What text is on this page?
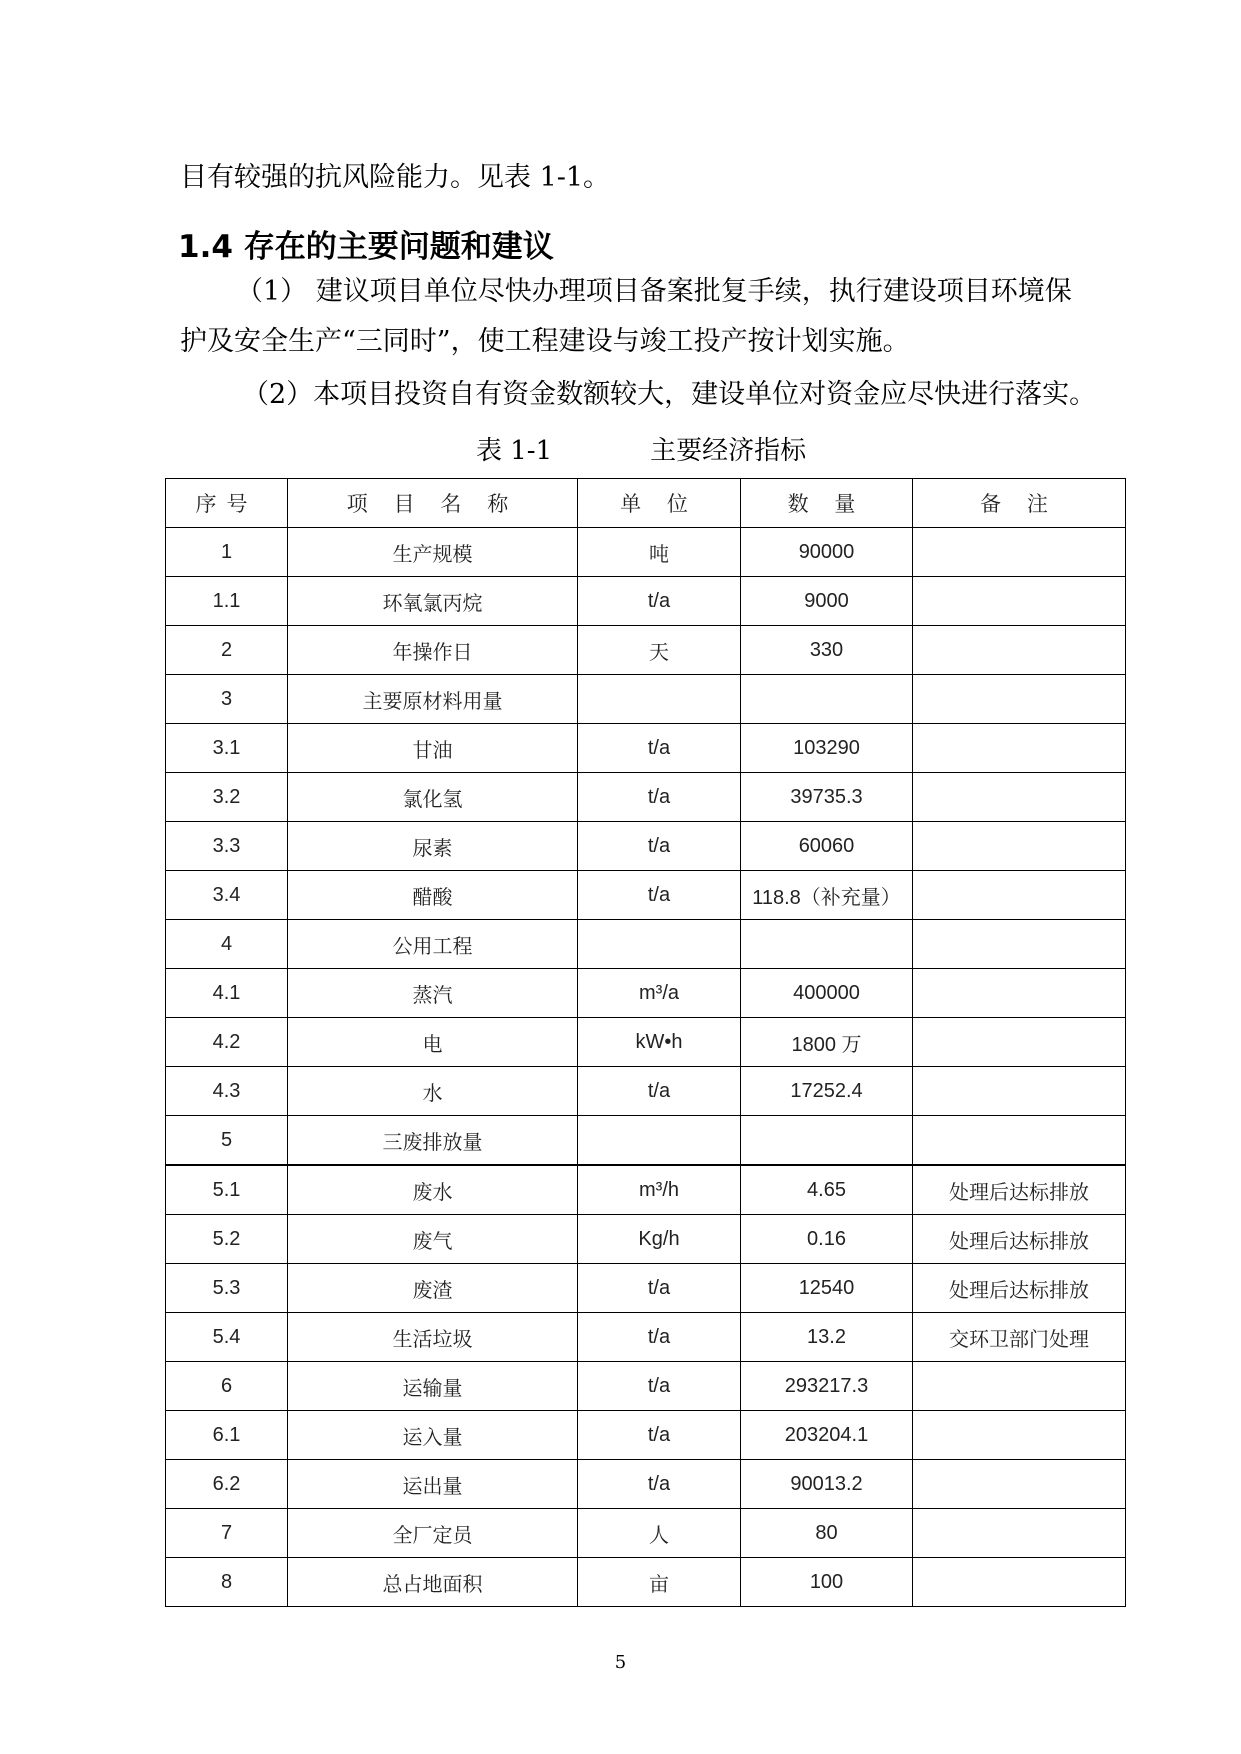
目有较强的抗风险能力。见表 1-1。
1.4 存在的主要问题和建议
（1） 建议项目单位尽快办理项目备案批复手续，执行建设项目环境保
护及安全生产“三同时”，使工程建设与竣工投产按计划实施。
（2）本项目投资自有资金数额较大，建设单位对资金应尽快进行落实。
表 1-1	主要经济指标
序号	项 目 名 称	单 位	数 量	备 注
1	生产规模	吨	90000	
1.1	环氧氯丙烷	t/a	9000	
2	年操作日	天	330	
3	主要原材料用量			
3.1	甘油	t/a	103290	
3.2	氯化氢	t/a	39735.3	
3.3	尿素	t/a	60060	
3.4	醋酸	t/a	118.8（补充量）	
4	公用工程			
4.1	蒸汽	m³/a	400000	
4.2	电	kW•h	1800 万	
4.3	水	t/a	17252.4	
5	三废排放量			
5.1	废水	m³/h	4.65	处理后达标排放
5.2	废气	Kg/h	0.16	处理后达标排放
5.3	废渣	t/a	12540	处理后达标排放
5.4	生活垃圾	t/a	13.2	交环卫部门处理
6	运输量	t/a	293217.3	
6.1	运入量	t/a	203204.1	
6.2	运出量	t/a	90013.2	
7	全厂定员	人	80	
8	总占地面积	亩	100	
5
